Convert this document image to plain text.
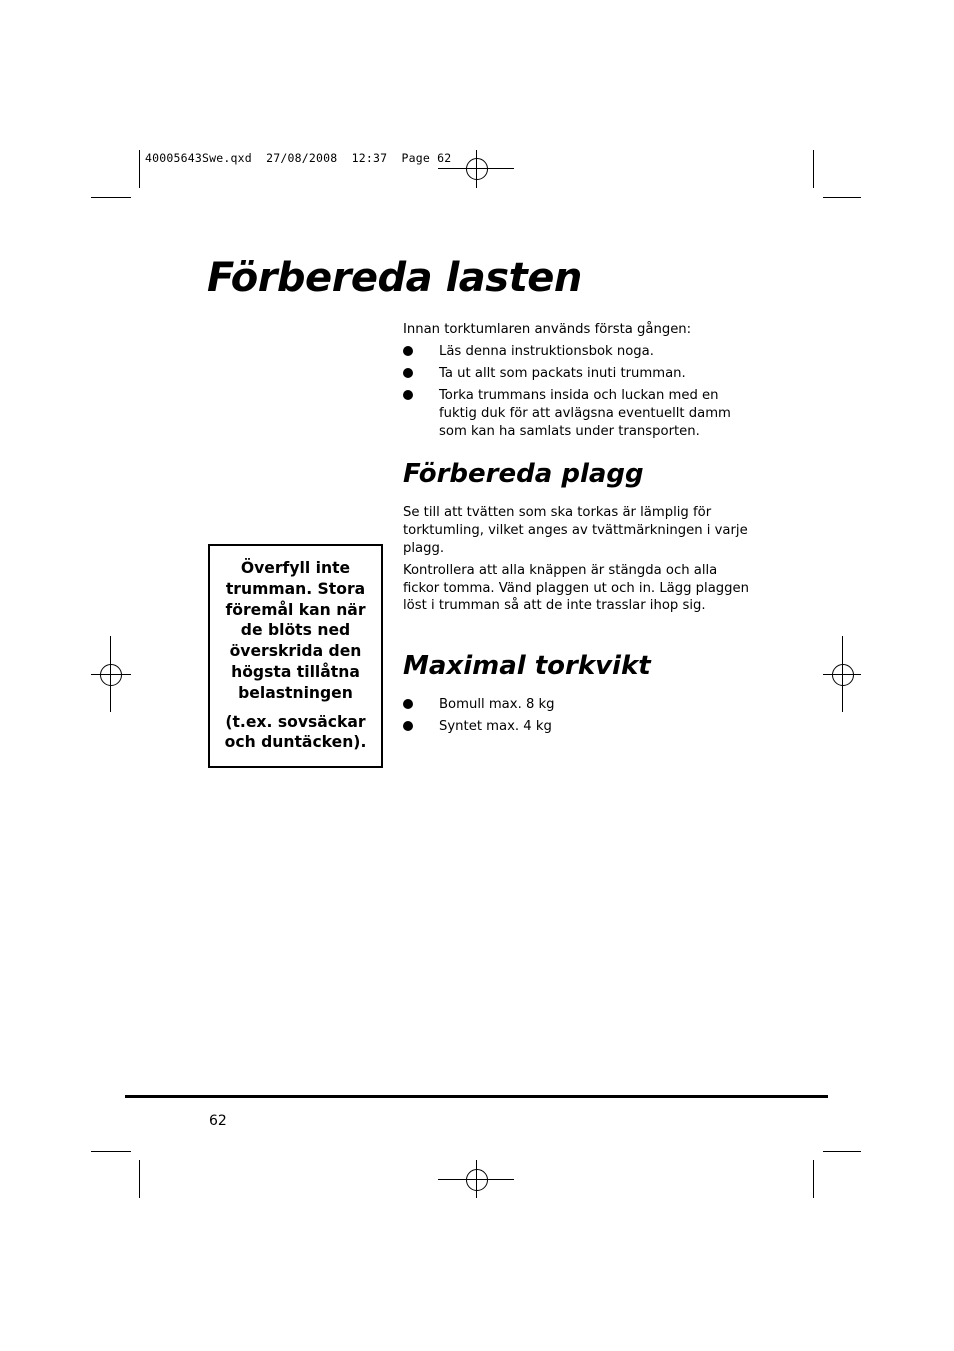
40005643Swe.qxd  27/08/2008  12:37  Page 62
Förbereda lasten

Innan torktumlaren används första gången:

Läs denna instruktionsbok noga.
Ta ut allt som packats inuti trumman.
Torka trummans insida och luckan med en fuktig duk för att avlägsna eventuellt damm som kan ha samlats under transporten.
Förbereda plagg

Se till att tvätten som ska torkas är lämplig för torktumling, vilket anges av tvättmärkningen i varje plagg.

Kontrollera att alla knäppen är stängda och alla fickor tomma. Vänd plaggen ut och in. Lägg plaggen löst i trumman så att de inte trasslar ihop sig.

Maximal torkvikt
Bomull max. 8 kg
Syntet max. 4 kg

Överfyll inte trumman. Stora föremål kan när de blöts ned överskrida den högsta tillåtna belastningen

(t.ex. sovsäckar och duntäcken).

62
